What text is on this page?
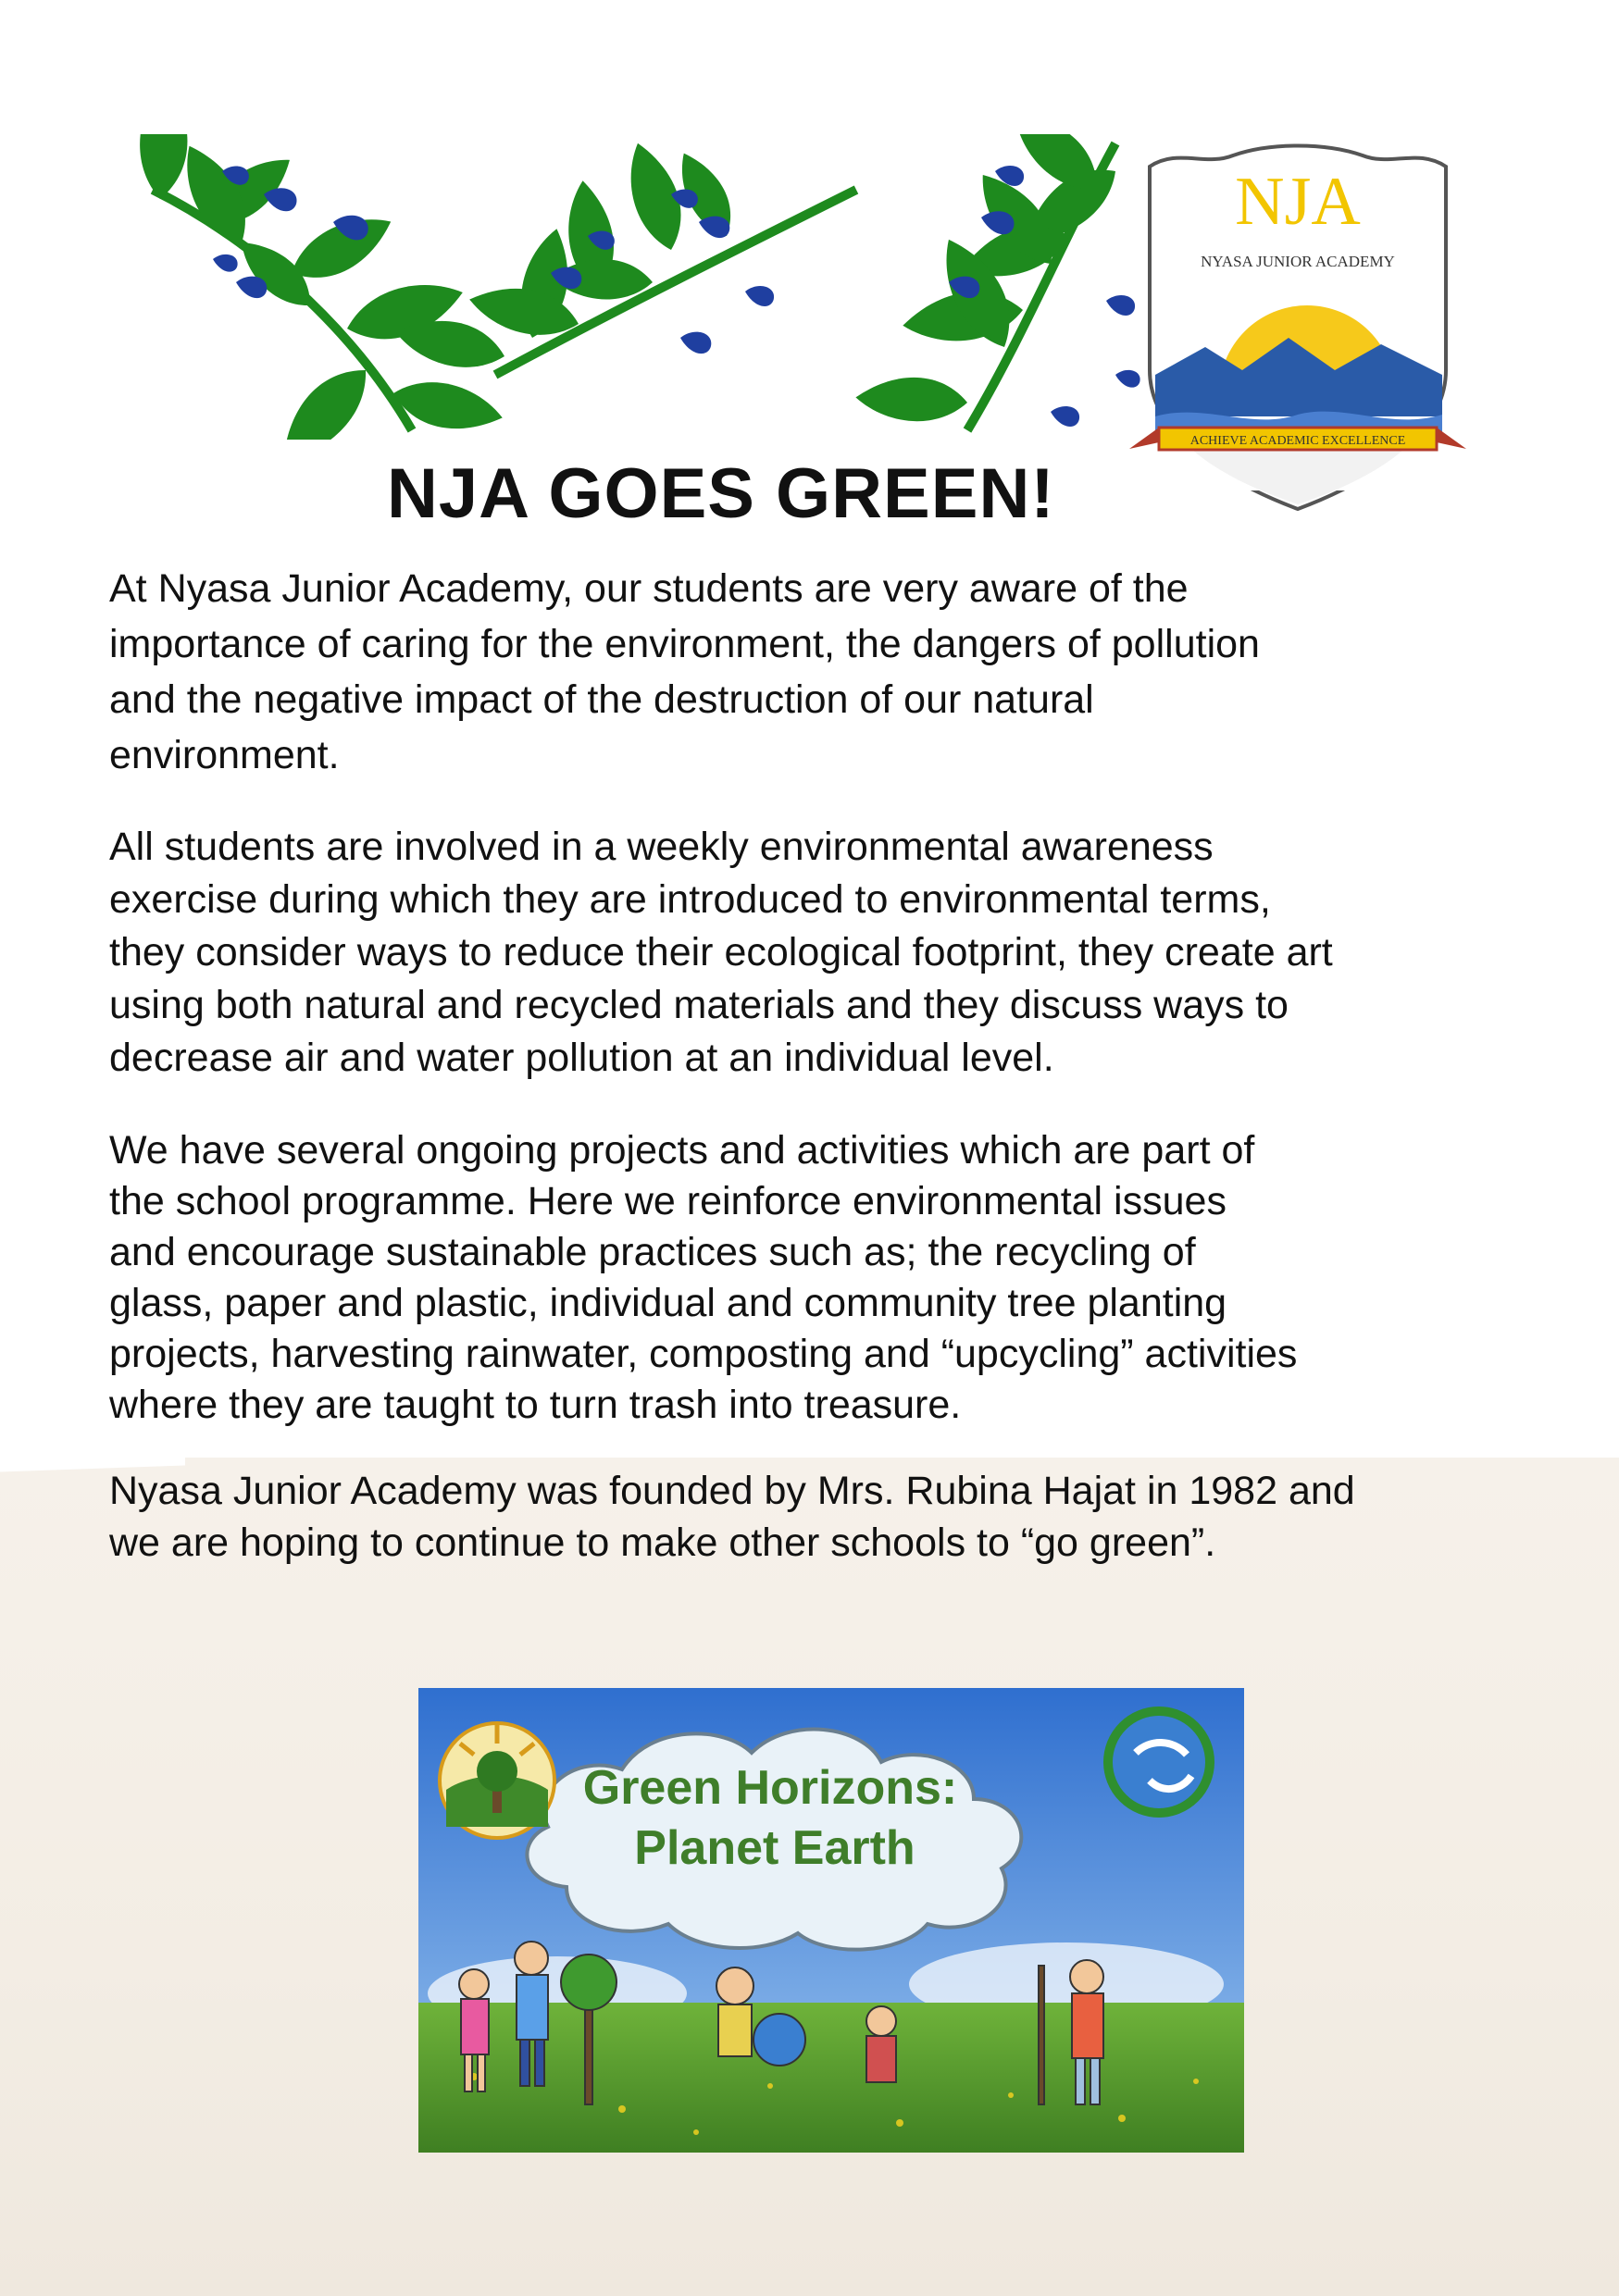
NJA
NYASA JUNIOR ACADEMY
ACHIEVE ACADEMIC EXCELLENCE
NJA GOES GREEN!

At Nyasa Junior Academy, our students are very aware of the
importance of caring for the environment, the dangers of pollution
and the negative impact of the destruction of our natural
environment.

All students are involved in a weekly environmental awareness
exercise during which they are introduced to environmental terms,
they consider ways to reduce their ecological footprint, they create art
using both natural and recycled materials and they discuss ways to
decrease air and water pollution at an individual level.

We have several ongoing projects and activities which are part of
the school programme. Here we reinforce environmental issues
and encourage sustainable practices such as; the recycling of
glass, paper and plastic, individual and community tree planting
projects, harvesting rainwater, composting and “upcycling” activities
where they are taught to turn trash into treasure.

Nyasa Junior Academy was founded by Mrs. Rubina Hajat in 1982 and
we are hoping to continue to make other schools to “go green”.

Green Horizons:
Planet Earth
